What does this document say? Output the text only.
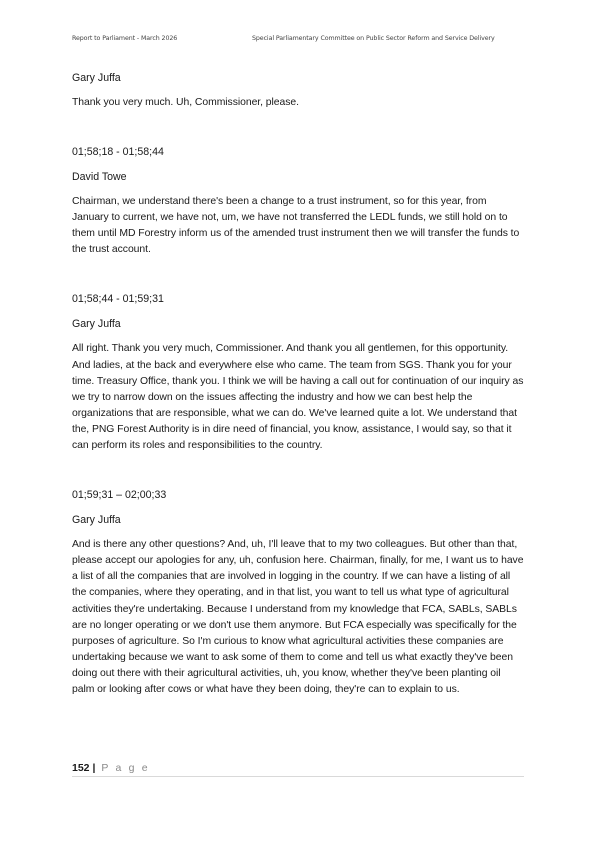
Report to Parliament - March 2026	Special Parliamentary Committee on Public Sector Reform and Service Delivery

Gary Juffa

Thank you very much. Uh, Commissioner, please.

01;58;18 - 01;58;44

David Towe

Chairman, we understand there's been a change to a trust instrument, so for this year, from January to current, we have not, um, we have not transferred the LEDL funds, we still hold on to them until MD Forestry inform us of the amended trust instrument then we will transfer the funds to the trust account.

01;58;44 - 01;59;31

Gary Juffa

All right. Thank you very much, Commissioner. And thank you all gentlemen, for this opportunity. And ladies, at the back and everywhere else who came. The team from SGS. Thank you for your time. Treasury Office, thank you. I think we will be having a call out for continuation of our inquiry as we try to narrow down on the issues affecting the industry and how we can best help the organizations that are responsible, what we can do. We've learned quite a lot. We understand that the, PNG Forest Authority is in dire need of financial, you know, assistance, I would say, so that it can perform its roles and responsibilities to the country.

01;59;31 – 02;00;33

Gary Juffa

And is there any other questions? And, uh, I'll leave that to my two colleagues. But other than that, please accept our apologies for any, uh, confusion here. Chairman, finally, for me, I want us to have a list of all the companies that are involved in logging in the country. If we can have a listing of all the companies, where they operating, and in that list, you want to tell us what type of agricultural activities they're undertaking. Because I understand from my knowledge that FCA, SABLs, SABLs are no longer operating or we don't use them anymore. But FCA especially was specifically for the purposes of agriculture. So I'm curious to know what agricultural activities these companies are undertaking because we want to ask some of them to come and tell us what exactly they've been doing out there with their agricultural activities, uh, you know, whether they've been planting oil palm or looking after cows or what have they been doing, they're can to explain to us.

152 | P a g e
